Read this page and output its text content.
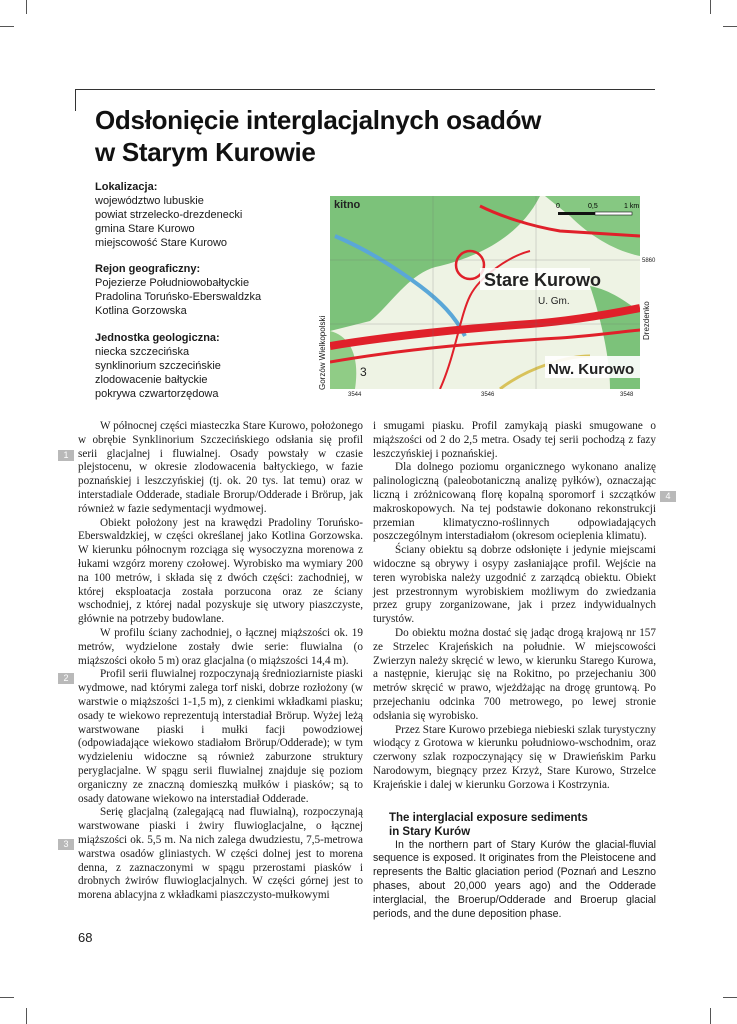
Odsłonięcie interglacjalnych osadów
w Starym Kurowie
Lokalizacja:
województwo lubuskie
powiat strzelecko-drezdenecki
gmina Stare Kurowo
miejscowość Stare Kurowo
Rejon geograficzny:
Pojezierze Południowobałtyckie
Pradolina Toruńsko-Eberswaldzka
Kotlina Gorzowska
Jednostka geologiczna:
niecka szczecińska
synklinorium szczecińskie
zlodowacenie bałtyckie
pokrywa czwartorzędowa
0	0,5	1 km
kitno
Stare Kurowo
U. Gm.
Nw. Kurowo
3
Gorzów Wielkopolski	Drezdenko
3544	3546	3548
5860
1
2
3
4

W północnej części miasteczka Stare Kurowo, położonego w obrębie Synklinorium Szczecińskiego odsłania się profil serii glacjalnej i fluwialnej. Osady powstały w czasie plejstocenu, w okresie zlodowacenia bałtyckiego, w fazie poznańskiej i leszczyńskiej (tj. ok. 20 tys. lat temu) oraz w interstadiale Odderade, stadiale Brorup/Odderade i Brörup, jak również w fazie sedymentacji wydmowej.

Obiekt położony jest na krawędzi Pradoliny Toruńsko-Eberswaldzkiej, w części określanej jako Kotlina Gorzowska. W kierunku północnym rozciąga się wysoczyzna morenowa z łukami wzgórz moreny czołowej. Wyrobisko ma wymiary 200 na 100 metrów, i składa się z dwóch części: zachodniej, w której eksploatacja została porzucona oraz ze ściany wschodniej, z której nadal pozyskuje się utwory piaszczyste, głównie na potrzeby budowlane.

W profilu ściany zachodniej, o łącznej miąższości ok. 19 metrów, wydzielone zostały dwie serie: fluwialna (o miąższości około 5 m) oraz glacjalna (o miąższości 14,4 m).

Profil serii fluwialnej rozpoczynają średnioziarniste piaski wydmowe, nad którymi zalega torf niski, dobrze rozłożony (w warstwie o miąższości 1-1,5 m), z cienkimi wkładkami piasku; osady te wiekowo reprezentują interstadiał Brörup. Wyżej leżą warstwowane piaski i mułki facji powodziowej (odpowiadające wiekowo stadiałom Brörup/Odderade); w tym wydzieleniu widoczne są również zaburzone struktury peryglacjalne. W spągu serii fluwialnej znajduje się poziom organiczny ze znaczną domieszką mułków i piasków; są to osady datowane wiekowo na interstadiał Odderade.

Serię glacjalną (zalegającą nad fluwialną), rozpoczynają warstwowane piaski i żwiry fluwioglacjalne, o łącznej miąższości ok. 5,5 m. Na nich zalega dwudziestu, 7,5-metrowa warstwa osadów gliniastych. W części dolnej jest to morena denna, z zaznaczonymi w spągu przerostami piasków i drobnych żwirów fluwioglacjalnych. W części górnej jest to morena ablacyjna z wkładkami piaszczysto-mułkowymi

i smugami piasku. Profil zamykają piaski smugowane o miąższości od 2 do 2,5 metra. Osady tej serii pochodzą z fazy leszczyńskiej i poznańskiej.

Dla dolnego poziomu organicznego wykonano analizę palinologiczną (paleobotaniczną analizę pyłków), oznaczając liczną i zróżnicowaną florę kopalną sporomorf i szczątków makroskopowych. Na tej podstawie dokonano rekonstrukcji przemian klimatyczno-roślinnych odpowiadających poszczególnym interstadiałom (okresom ocieplenia klimatu).

Ściany obiektu są dobrze odsłonięte i jedynie miejscami widoczne są obrywy i osypy zasłaniające profil. Wejście na teren wyrobiska należy uzgodnić z zarządcą obiektu. Obiekt jest przestronnym wyrobiskiem możliwym do zwiedzania przez grupy zorganizowane, jak i przez indywidualnych turystów.

Do obiektu można dostać się jadąc drogą krajową nr 157 ze Strzelec Krajeńskich na południe. W miejscowości Zwierzyn należy skręcić w lewo, w kierunku Starego Kurowa, a następnie, kierując się na Rokitno, po przejechaniu 300 metrów skręcić w prawo, wjeżdżając na drogę gruntową. Po przejechaniu odcinka 700 metrowego, po lewej stronie odsłania się wyrobisko.

Przez Stare Kurowo przebiega niebieski szlak turystyczny wiodący z Grotowa w kierunku południowo-wschodnim, oraz czerwony szlak rozpoczynający się w Drawieńskim Parku Narodowym, biegnący przez Krzyż, Stare Kurowo, Strzelce Krajeńskie i dalej w kierunku Gorzowa i Kostrzynia.

The interglacial exposure sediments
in Stary Kurów

In the northern part of Stary Kurów the glacial-fluvial sequence is exposed. It originates from the Pleistocene and represents the Baltic glaciation period (Poznań and Leszno phases, about 20,000 years ago) and the Odderade interglacial, the Broerup/Odderade and Broerup glacial periods, and the dune deposition phase.

68
